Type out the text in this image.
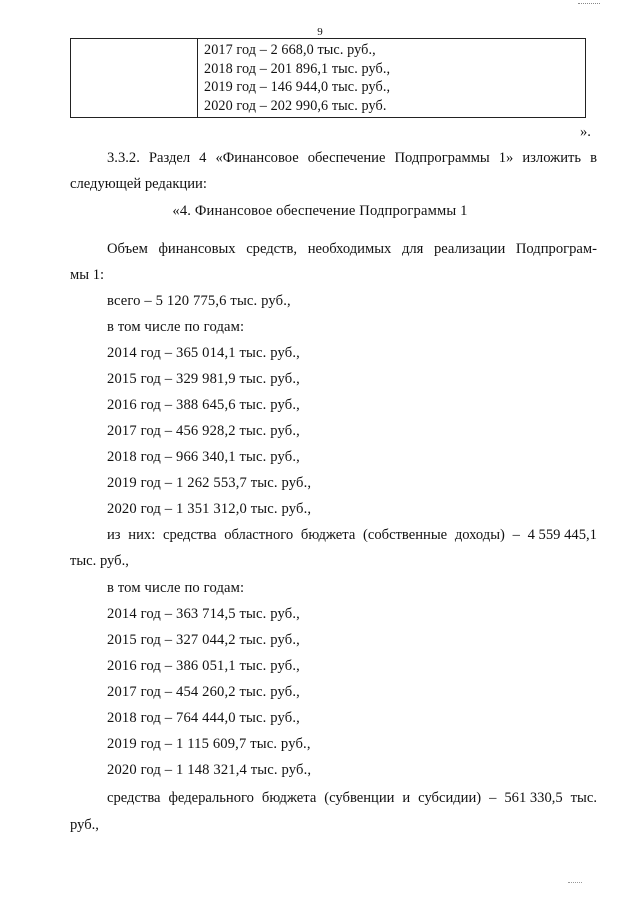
9

2017 год – 2 668,0 тыс. руб.,
2018 год – 201 896,1 тыс. руб.,
2019 год – 146 944,0 тыс. руб.,
2020 год – 202 990,6 тыс. руб.
».
3.3.2. Раздел 4 «Финансовое обеспечение Подпрограммы 1» изложить в
следующей редакции:
«4. Финансовое обеспечение Подпрограммы 1
Объем финансовых средств, необходимых для реализации Подпрограм-
мы 1:
всего – 5 120 775,6 тыс. руб.,
в том числе по годам:
2014 год – 365 014,1 тыс. руб.,
2015 год – 329 981,9 тыс. руб.,
2016 год – 388 645,6 тыс. руб.,
2017 год – 456 928,2 тыс. руб.,
2018 год – 966 340,1 тыс. руб.,
2019 год – 1 262 553,7 тыс. руб.,
2020 год – 1 351 312,0 тыс. руб.,
из них: средства областного бюджета (собственные доходы) – 4 559 445,1
тыс. руб.,
в том числе по годам:
2014 год – 363 714,5 тыс. руб.,
2015 год – 327 044,2 тыс. руб.,
2016 год – 386 051,1 тыс. руб.,
2017 год – 454 260,2 тыс. руб.,
2018 год – 764 444,0 тыс. руб.,
2019 год – 1 115 609,7 тыс. руб.,
2020 год – 1 148 321,4 тыс. руб.,
средства федерального бюджета (субвенции и субсидии) – 561 330,5 тыс.
руб.,
